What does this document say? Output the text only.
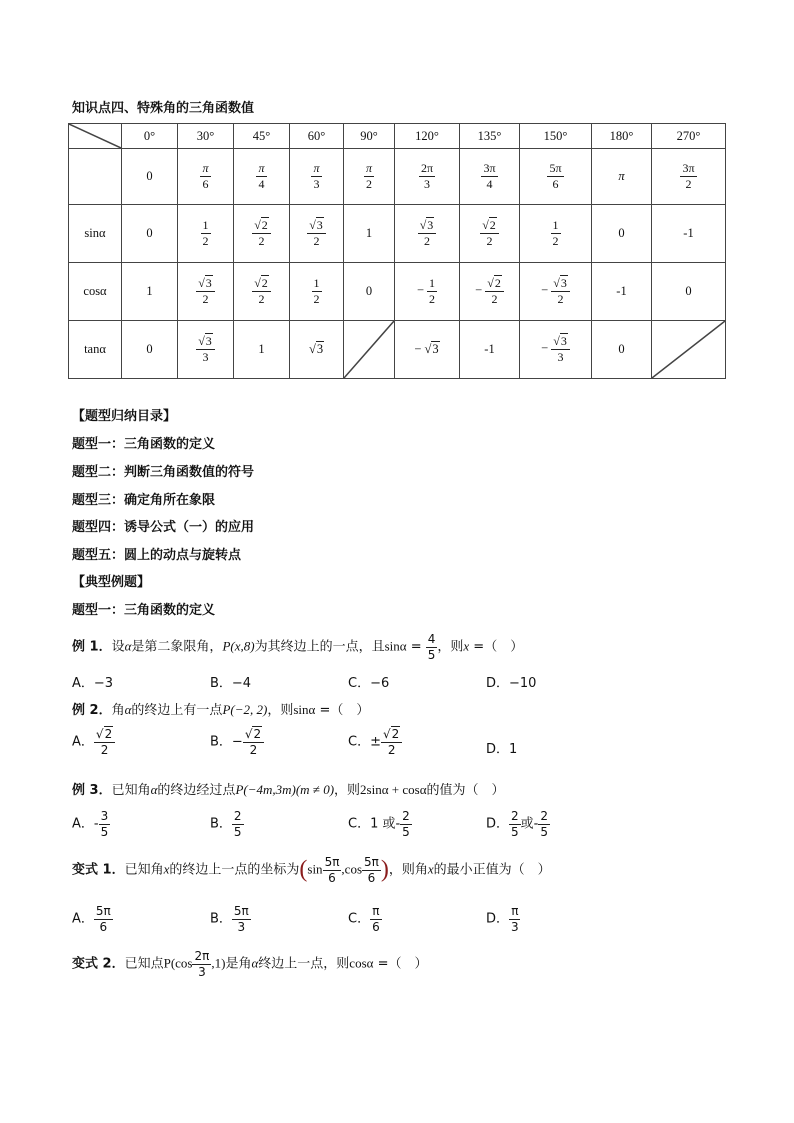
知识点四、特殊角的三角函数值
	0°	30°	45°	60°	90°	120°	135°	150°	180°	270°
	0	$\frac{\pi}{6}$	$\frac{\pi}{4}$	$\frac{\pi}{3}$	$\frac{\pi}{2}$	$\frac{2\pi}{3}$	$\frac{3\pi}{4}$	$\frac{5\pi}{6}$	π	$\frac{3\pi}{2}$

sinα	0	$\frac{1}{2}$	$\frac{√2}{2}$	$\frac{√3}{2}$	1	$\frac{√3}{2}$	$\frac{√2}{2}$	$\frac{1}{2}$	0	-1
cosα	1	$\frac{√3}{2}$	$\frac{√2}{2}$	$\frac{1}{2}$	0	− $\frac{1}{2}$	− $\frac{√2}{2}$	− $\frac{√3}{2}$	-1	0
tanα	0	$\frac{√3}{3}$	1	√3		− √3	-1	− $\frac{√3}{3}$	0	
【题型归纳目录】
题型一：三角函数的定义
题型二：判断三角函数值的符号
题型三：确定角所在象限
题型四：诱导公式（一）的应用
题型五：圆上的动点与旋转点
【典型例题】
题型一：三角函数的定义
例 1．设α是第二象限角，P(x,8)为其终边上的一点，且$\sin\alpha = \frac{4}{5}$ ，则x =（　）
A．−3	B．−4	C．−6	D．−10
例 2．角α的终边上有一点P(−2, 2)，则sinα =（　）
A． $\frac{√2}{2}$	B．− $\frac{√2}{2}$	C．± $\frac{√2}{2}$	D．1
例 3．已知角α的终边经过点P(−4m,3m)(m ≠ 0)，则2sinα + cosα的值为（　）
A．- $\frac{3}{5}$	B． $\frac{2}{5}$	C．1 或- $\frac{2}{5}$	D． $\frac{2}{5}$ 或- $\frac{2}{5}$
变式 1．已知角x的终边上一点的坐标为($\sin \frac{5\pi}{6} ,\cos \frac{5\pi}{6}$ )，则角x的最小正值为（　）
A． $\frac{5\pi}{6}$	B． $\frac{5\pi}{3}$	C． $\frac{\pi}{6}$	D． $\frac{\pi}{3}$
变式 2．已知点$P(\cos \frac{2\pi}{3} ,1)$是角α终边上一点，则cosα =（　）
